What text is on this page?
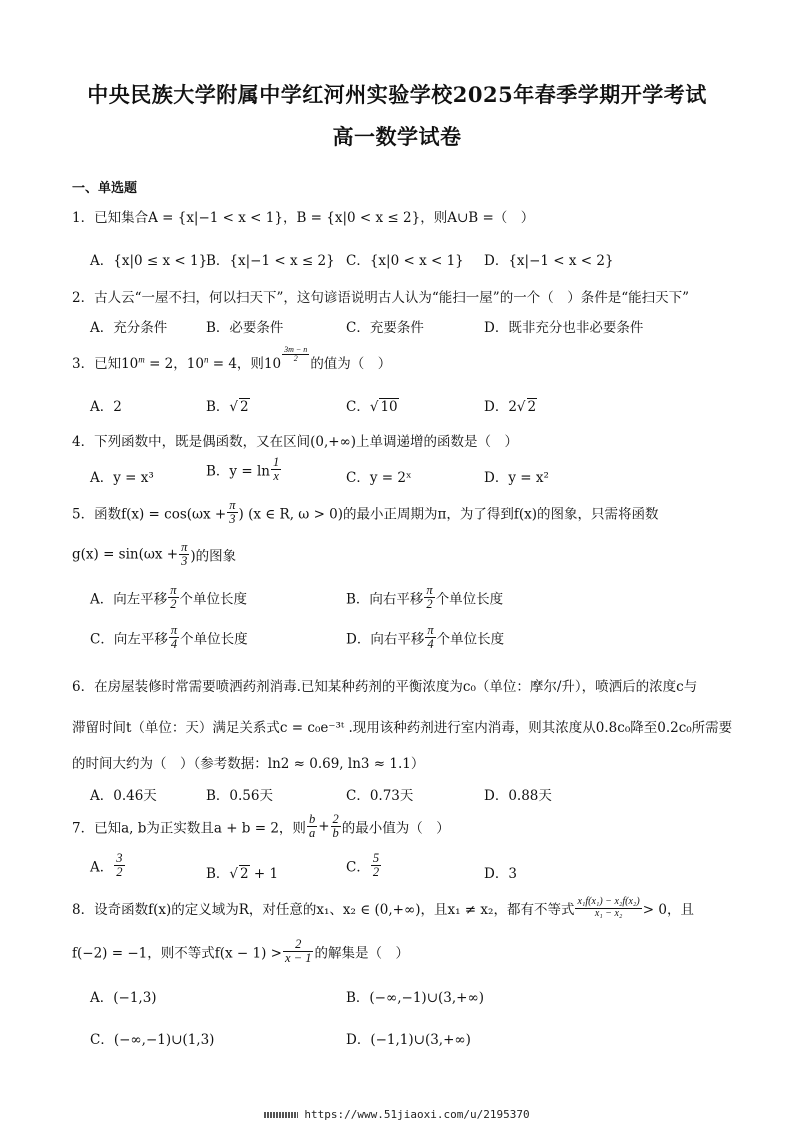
中央民族大学附属中学红河州实验学校2025年春季学期开学考试
高一数学试卷
一、单选题
1．已知集合A = {x|−1 < x < 1}，B = {x|0 < x ≤ 2}，则A∪B =（　）
A．{x|0 ≤ x < 1}
B．{x|−1 < x ≤ 2} C．{x|0 < x < 1} D．{x|−1 < x < 2}
2．古人云“一屋不扫，何以扫天下”，这句谚语说明古人认为“能扫一屋”的一个（　）条件是“能扫天下”
A．充分条件	B．必要条件	C．充要条件	D．既非充分也非必要条件
3．已知$10^m = 2$，$10^n = 4$，则10
$\frac{3m - n}{2}$
的值为（　）
A．2	B．√ 2	C．√ 10	D．2√ 2
4．下列函数中，既是偶函数，又在区间(0,+∞)上单调递增的函数是（　）
A．y = x³	B．$y = \ln \frac{1}{x}$	C．y = 2ˣ	D．y = x²
5．函数$f(x) = \cos(\omega x + \frac{\pi}{3}$ ) (x ∈ R, ω > 0)的最小正周期为π，为了得到f(x)的图象，只需将函数
$g(x) = \sin(\omega x + \frac{\pi}{3}$ )的图象
A．向左平移 $\frac{\pi}{2}$ 个单位长度	B．向右平移 $\frac{\pi}{2}$ 个单位长度
C．向左平移 $\frac{\pi}{4}$ 个单位长度	D．向右平移 $\frac{\pi}{4}$ 个单位长度
6．在房屋装修时常需要喷洒药剂消毒.已知某种药剂的平衡浓度为c₀（单位：摩尔/升），喷洒后的浓度c与
滞留时间t（单位：天）满足关系式c = c₀e⁻³ᵗ .现用该种药剂进行室内消毒，则其浓度从0.8c₀降至0.2c₀所需要
的时间大约为（　）（参考数据：ln2 ≈ 0.69, ln3 ≈ 1.1）
A．0.46天	B．0.56天	C．0.73天	D．0.88天
7．已知a, b为正实数且a + b = 2，则 $\frac{b}{a} + \frac{2}{b}$ 的最小值为（　）
A． $\frac{3}{2}$	B．√ 2 + 1	C． $\frac{5}{2}$	D．3
8．设奇函数f(x)的定义域为R，对任意的x₁、x₂ ∈ (0,+∞)，且x₁ ≠ x₂，都有不等式 $\frac{\text{x₁f(x₁) − x₂f(x₂)}}{\text{x₁ − x₂}} > 0$，且
f(−2) = −1，则不等式$f(x - 1) > \frac{2}{x - 1}$ 的解集是（　）
A．(−1,3)	B．(−∞,−1)∪(3,+∞)
C．(−∞,−1)∪(1,3)	D．(−1,1)∪(3,+∞)
https://www.51jiaoxi.com/u/2195370
